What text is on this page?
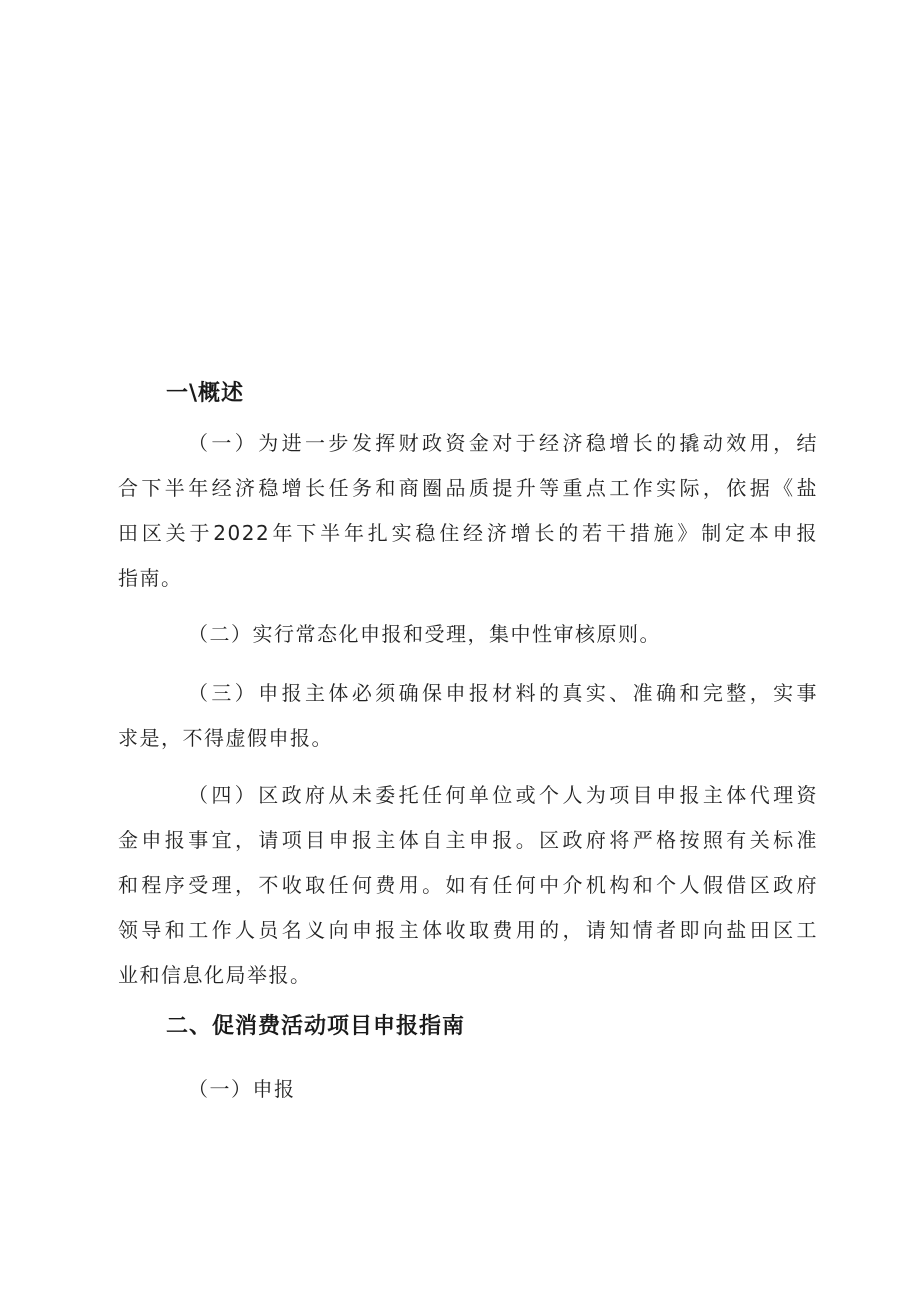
一\概述
（一）为进一步发挥财政资金对于经济稳增长的撬动效用，结
合下半年经济稳增长任务和商圈品质提升等重点工作实际，依据《盐
田区关于2022年下半年扎实稳住经济增长的若干措施》制定本申报
指南。
（二）实行常态化申报和受理，集中性审核原则。
（三）申报主体必须确保申报材料的真实、准确和完整，实事
求是，不得虚假申报。
（四）区政府从未委托任何单位或个人为项目申报主体代理资
金申报事宜，请项目申报主体自主申报。区政府将严格按照有关标准
和程序受理，不收取任何费用。如有任何中介机构和个人假借区政府
领导和工作人员名义向申报主体收取费用的，请知情者即向盐田区工
业和信息化局举报。
二、促消费活动项目申报指南
（一）申报
